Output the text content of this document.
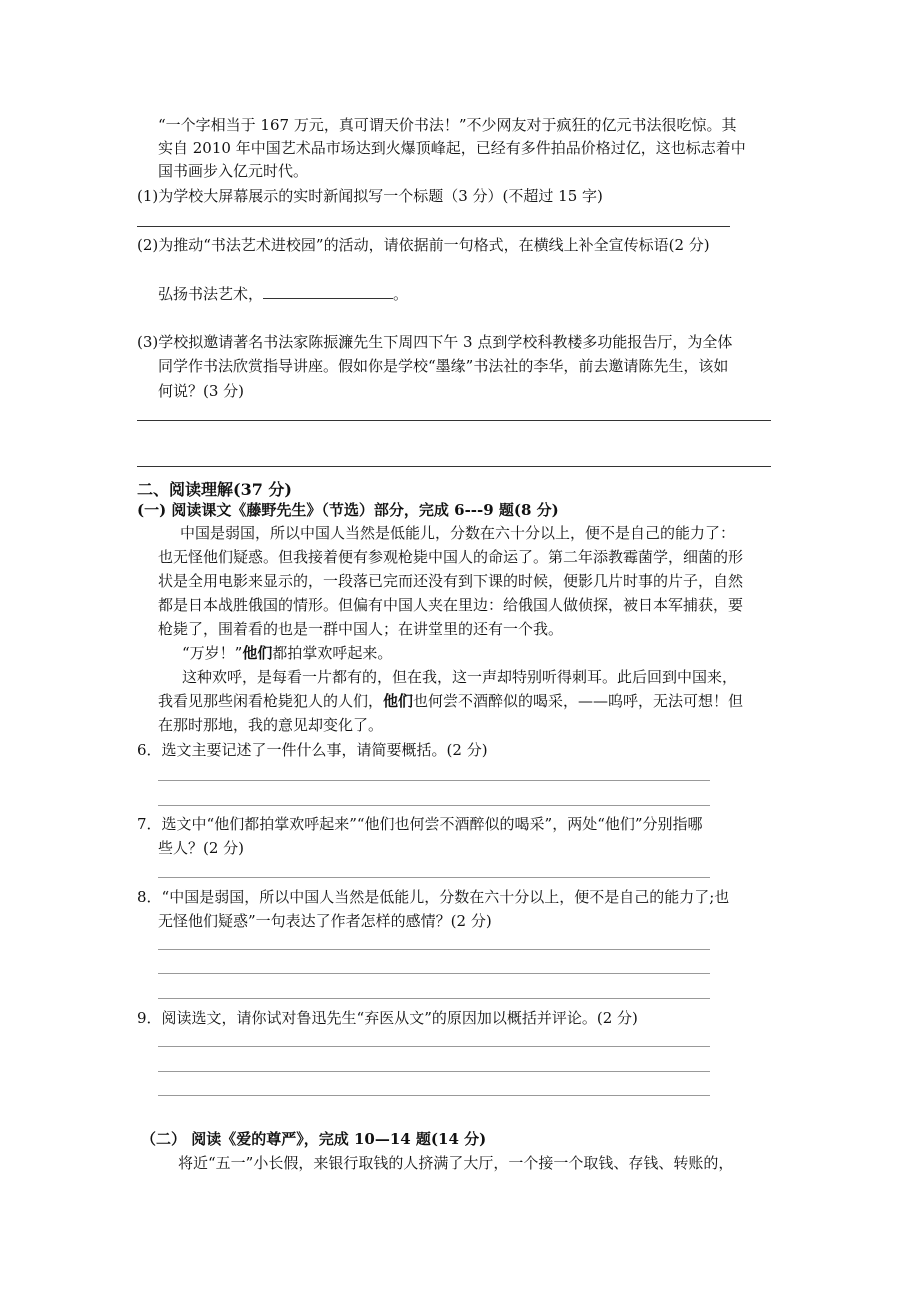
“一个字相当于 167 万元，真可谓天价书法！”不少网友对于疯狂的亿元书法很吃惊。其
实自 2010 年中国艺术品市场达到火爆顶峰起，已经有多件拍品价格过亿，这也标志着中
国书画步入亿元时代。
(1)为学校大屏幕展示的实时新闻拟写一个标题（3 分）(不超过 15 字)
(2)为推动“书法艺术进校园”的活动，请依据前一句格式，在横线上补全宣传标语(2 分)
弘扬书法艺术，	。
(3)学校拟邀请著名书法家陈振濂先生下周四下午 3 点到学校科教楼多功能报告厅，为全体
同学作书法欣赏指导讲座。假如你是学校“墨缘”书法社的李华，前去邀请陈先生，该如
何说？(3 分)
二、阅读理解(37 分)
(一) 阅读课文《藤野先生》（节选）部分，完成 6---9 题(8 分)
中国是弱国，所以中国人当然是低能儿，分数在六十分以上，便不是自己的能力了：
也无怪他们疑惑。但我接着便有参观枪毙中国人的命运了。第二年添教霉菌学，细菌的形
状是全用电影来显示的，一段落已完而还没有到下课的时候，便影几片时事的片子，自然
都是日本战胜俄国的情形。但偏有中国人夹在里边：给俄国人做侦探，被日本军捕获，要
枪毙了，围着看的也是一群中国人；在讲堂里的还有一个我。
“万岁！”他们都拍掌欢呼起来。
这种欢呼，是每看一片都有的，但在我，这一声却特别听得刺耳。此后回到中国来，
我看见那些闲看枪毙犯人的人们，他们也何尝不酒醉似的喝采，——呜呼，无法可想！但
在那时那地，我的意见却变化了。
6．选文主要记述了一件什么事，请简要概括。(2 分)
7．选文中“他们都拍掌欢呼起来”“他们也何尝不酒醉似的喝采”，两处“他们”分别指哪
些人？(2 分)
8．“中国是弱国，所以中国人当然是低能儿，分数在六十分以上，便不是自己的能力了;也
无怪他们疑惑”一句表达了作者怎样的感情？(2 分)
9．阅读选文，请你试对鲁迅先生“弃医从文”的原因加以概括并评论。(2 分)
（二） 阅读《爱的尊严》，完成 10—14 题(14 分)
将近“五一”小长假，来银行取钱的人挤满了大厅，一个接一个取钱、存钱、转账的，
